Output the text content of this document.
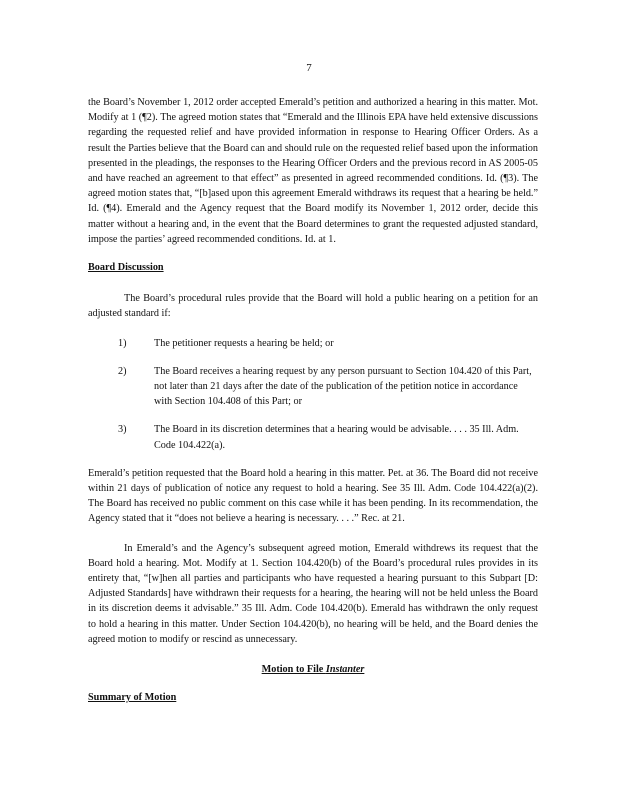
7

the Board’s November 1, 2012 order accepted Emerald’s petition and authorized a hearing in this matter. Mot. Modify at 1 (¶2). The agreed motion states that “Emerald and the Illinois EPA have held extensive discussions regarding the requested relief and have provided information in response to Hearing Officer Orders. As a result the Parties believe that the Board can and should rule on the requested relief based upon the information presented in the pleadings, the responses to the Hearing Officer Orders and the previous record in AS 2005-05 and have reached an agreement to that effect” as presented in agreed recommended conditions. Id. (¶3). The agreed motion states that, “[b]ased upon this agreement Emerald withdraws its request that a hearing be held.” Id. (¶4). Emerald and the Agency request that the Board modify its November 1, 2012 order, decide this matter without a hearing and, in the event that the Board determines to grant the requested adjusted standard, impose the parties’ agreed recommended conditions. Id. at 1.

Board Discussion

The Board’s procedural rules provide that the Board will hold a public hearing on a petition for an adjusted standard if:

1)	The petitioner requests a hearing be held; or
2)	The Board receives a hearing request by any person pursuant to Section 104.420 of this Part, not later than 21 days after the date of the publication of the petition notice in accordance with Section 104.408 of this Part; or
3)	The Board in its discretion determines that a hearing would be advisable. . . . 35 Ill. Adm. Code 104.422(a).

Emerald’s petition requested that the Board hold a hearing in this matter. Pet. at 36. The Board did not receive within 21 days of publication of notice any request to hold a hearing. See 35 Ill. Adm. Code 104.422(a)(2). The Board has received no public comment on this case while it has been pending. In its recommendation, the Agency stated that it “does not believe a hearing is necessary. . . .” Rec. at 21.

In Emerald’s and the Agency’s subsequent agreed motion, Emerald withdrews its request that the Board hold a hearing. Mot. Modify at 1. Section 104.420(b) of the Board’s procedural rules provides in its entirety that, “[w]hen all parties and participants who have requested a hearing pursuant to this Subpart [D: Adjusted Standards] have withdrawn their requests for a hearing, the hearing will not be held unless the Board in its discretion deems it advisable.” 35 Ill. Adm. Code 104.420(b). Emerald has withdrawn the only request to hold a hearing in this matter. Under Section 104.420(b), no hearing will be held, and the Board denies the agreed motion to modify or rescind as unnecessary.

Motion to File Instanter

Summary of Motion
